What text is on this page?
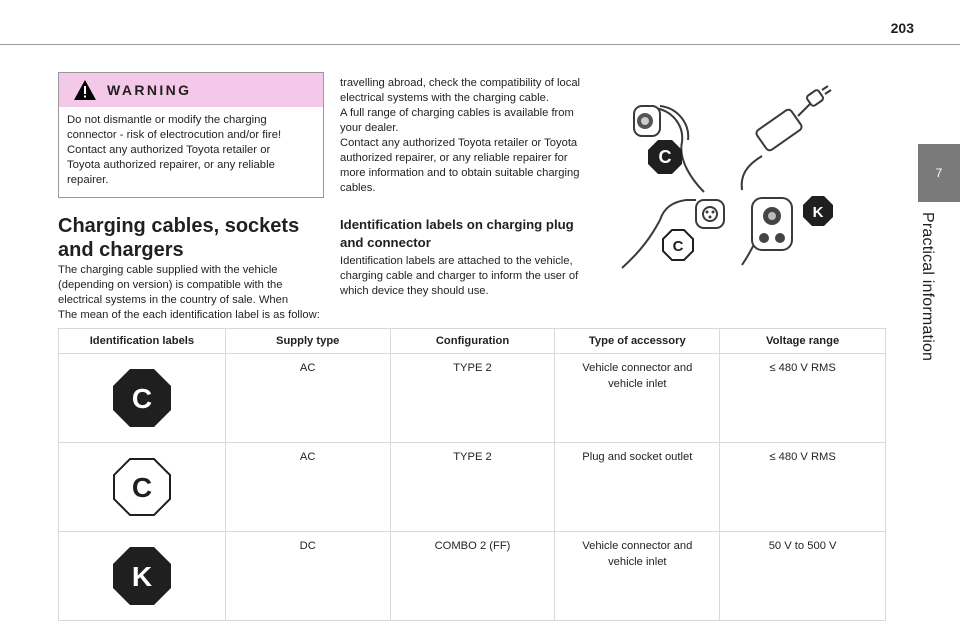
203
7
Practical information
WARNING
Do not dismantle or modify the charging
connector - risk of electrocution and/or fire!
Contact any authorized Toyota retailer or
Toyota authorized repairer, or any reliable
repairer.
Charging cables, sockets
and chargers
The charging cable supplied with the vehicle
(depending on version) is compatible with the
electrical systems in the country of sale. When
The mean of the each identification label is as follow:
travelling abroad, check the compatibility of local
electrical systems with the charging cable.
A full range of charging cables is available from
your dealer.
Contact any authorized Toyota retailer or Toyota
authorized repairer, or any reliable repairer for
more information and to obtain suitable charging
cables.
Identification labels on charging plug
and connector
Identification labels are attached to the vehicle,
charging cable and charger to inform the user of
which device they should use.
C
C
K
Identification labels	Supply type	Configuration	Type of accessory	Voltage range

C	AC	TYPE 2	Vehicle connector and
vehicle inlet	≤ 480 V RMS

C	AC	TYPE 2	Plug and socket outlet	≤ 480 V RMS

K	DC	COMBO 2 (FF)	Vehicle connector and
vehicle inlet	50 V to 500 V
